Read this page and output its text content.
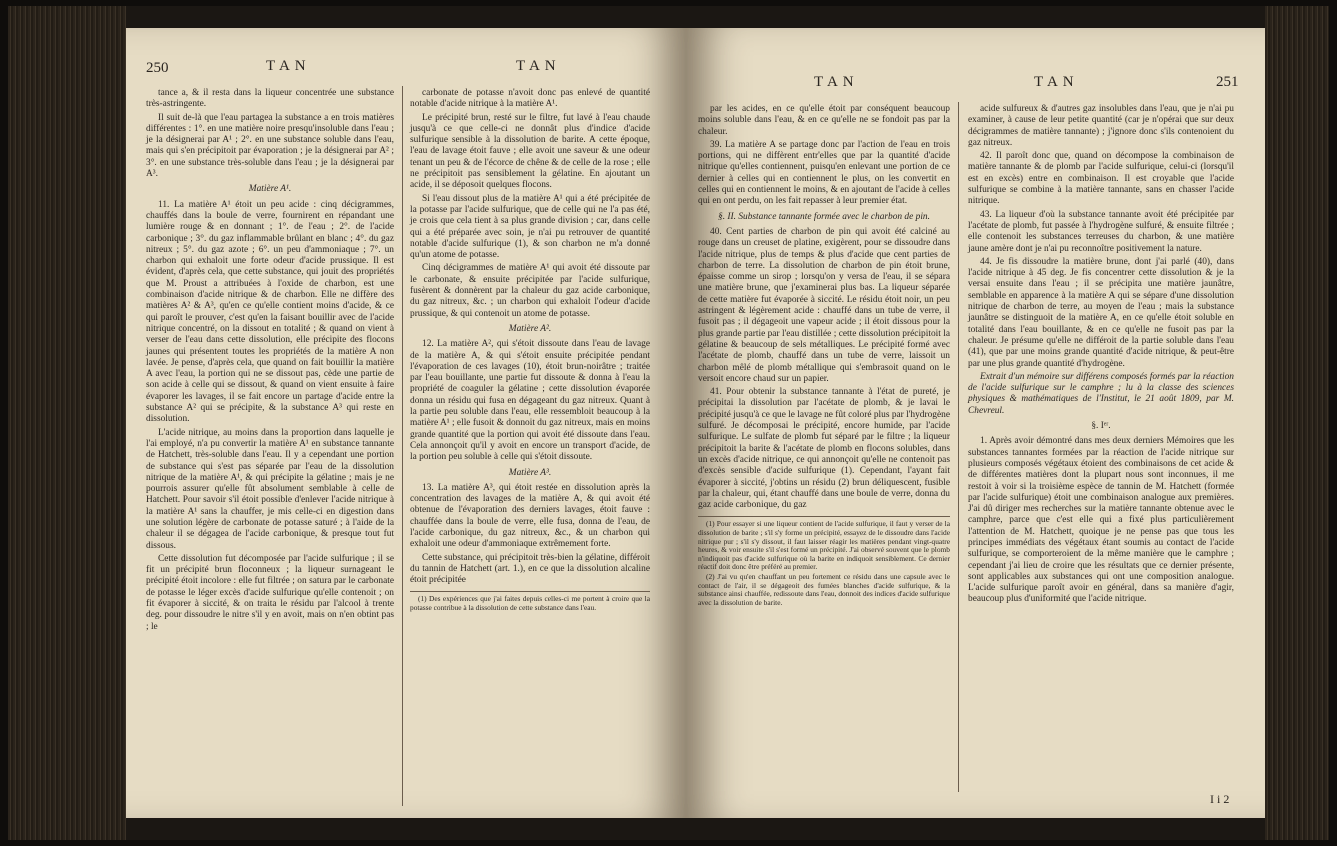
250	TAN	TAN

tance a, & il resta dans la liqueur concentrée une substance très-astringente.

Il suit de-là que l'eau partagea la substance a en trois matières différentes : 1°. en une matière noire presqu'insoluble dans l'eau ; je la désignerai par A¹ ; 2°. en une substance soluble dans l'eau, mais qui s'en précipitoit par évaporation ; je la désignerai par A² ; 3°. en une substance très-soluble dans l'eau ; je la désignerai par A³.

Matière A¹.

11. La matière A¹ étoit un peu acide : cinq décigrammes, chauffés dans la boule de verre, fournirent en répandant une lumière rouge & en donnant ; 1°. de l'eau ; 2°. de l'acide carbonique ; 3°. du gaz inflammable brûlant en blanc ; 4°. du gaz nitreux ; 5°. du gaz azote ; 6°. un peu d'ammoniaque ; 7°. un charbon qui exhaloit une forte odeur d'acide prussique. Il est évident, d'après cela, que cette substance, qui jouit des propriétés que M. Proust a attribuées à l'oxide de charbon, est une combinaison d'acide nitrique & de charbon. Elle ne diffère des matières A² & A³, qu'en ce qu'elle contient moins d'acide, & ce qui paroît le prouver, c'est qu'en la faisant bouillir avec de l'acide nitrique concentré, on la dissout en totalité ; & quand on vient à verser de l'eau dans cette dissolution, elle précipite des flocons jaunes qui présentent toutes les propriétés de la matière A non lavée. Je pense, d'après cela, que quand on fait bouillir la matière A avec l'eau, la portion qui ne se dissout pas, cède une partie de son acide à celle qui se dissout, & quand on vient ensuite à faire évaporer les lavages, il se fait encore un partage d'acide entre la substance A² qui se précipite, & la substance A³ qui reste en dissolution.

L'acide nitrique, au moins dans la proportion dans laquelle je l'ai employé, n'a pu convertir la matière A¹ en substance tannante de Hatchett, très-soluble dans l'eau. Il y a cependant une portion de substance qui s'est pas séparée par l'eau de la dissolution nitrique de la matière A¹, & qui précipite la gélatine ; mais je ne pourrois assurer qu'elle fût absolument semblable à celle de Hatchett. Pour savoir s'il étoit possible d'enlever l'acide nitrique à la matière A¹ sans la chauffer, je mis celle-ci en digestion dans une solution légère de carbonate de potasse saturé ; à l'aide de la chaleur il se dégagea de l'acide carbonique, & presque tout fut dissous.

Cette dissolution fut décomposée par l'acide sulfurique ; il se fit un précipité brun floconneux ; la liqueur surnageant le précipité étoit incolore : elle fut filtrée ; on satura par le carbonate de potasse le léger excès d'acide sulfurique qu'elle contenoit ; on fit évaporer à siccité, & on traita le résidu par l'alcool à trente deg. pour dissoudre le nitre s'il y en avoit, mais on n'en obtint pas ; le

carbonate de potasse n'avoit donc pas enlevé de quantité notable d'acide nitrique à la matière A¹.

Le précipité brun, resté sur le filtre, fut lavé à l'eau chaude jusqu'à ce que celle-ci ne donnât plus d'indice d'acide sulfurique sensible à la dissolution de barite. A cette époque, l'eau de lavage étoit fauve ; elle avoit une saveur & une odeur tenant un peu & de l'écorce de chêne & de celle de la rose ; elle ne précipitoit pas sensiblement la gélatine. En ajoutant un acide, il se déposoit quelques flocons.

Si l'eau dissout plus de la matière A¹ qui a été précipitée de la potasse par l'acide sulfurique, que de celle qui ne l'a pas été, je crois que cela tient à sa plus grande division ; car, dans celle qui a été préparée avec soin, je n'ai pu retrouver de quantité notable d'acide sulfurique (1), & son charbon ne m'a donné qu'un atome de potasse.

Cinq décigrammes de matière A¹ qui avoit été dissoute par le carbonate, & ensuite précipitée par l'acide sulfurique, fusèrent & donnèrent par la chaleur du gaz acide carbonique, du gaz nitreux, &c. ; un charbon qui exhaloit l'odeur d'acide prussique, & qui contenoit un atome de potasse.

Matière A².

12. La matière A², qui s'étoit dissoute dans l'eau de lavage de la matière A, & qui s'étoit ensuite précipitée pendant l'évaporation de ces lavages (10), étoit brun-noirâtre ; traitée par l'eau bouillante, une partie fut dissoute & donna à l'eau la propriété de coaguler la gélatine ; cette dissolution évaporée donna un résidu qui fusa en dégageant du gaz nitreux. Quant à la partie peu soluble dans l'eau, elle ressembloit beaucoup à la matière A¹ ; elle fusoit & donnoit du gaz nitreux, mais en moins grande quantité que la portion qui avoit été dissoute dans l'eau. Cela annonçoit qu'il y avoit en encore un transport d'acide, de la portion peu soluble à celle qui s'étoit dissoute.

Matière A³.

13. La matière A³, qui étoit restée en dissolution après la concentration des lavages de la matière A, & qui avoit été obtenue de l'évaporation des derniers lavages, étoit fauve : chauffée dans la boule de verre, elle fusa, donna de l'eau, de l'acide carbonique, du gaz nitreux, &c., & un charbon qui exhaloit une odeur d'ammoniaque extrêmement forte.

Cette substance, qui précipitoit très-bien la gélatine, différoit du tannin de Hatchett (art. 1.), en ce que la dissolution alcaline étoit précipitée

(1) Des expériences que j'ai faites depuis celles-ci me portent à croire que la potasse contribue à la dissolution de cette substance dans l'eau.

TAN	TAN	251

par les acides, en ce qu'elle étoit par conséquent beaucoup moins soluble dans l'eau, & en ce qu'elle ne se fondoit pas par la chaleur.

39. La matière A se partage donc par l'action de l'eau en trois portions, qui ne diffèrent entr'elles que par la quantité d'acide nitrique qu'elles contiennent, puisqu'en enlevant une portion de ce dernier à celles qui en contiennent le plus, on les convertit en celles qui en contiennent le moins, & en ajoutant de l'acide à celles qui en ont perdu, on les fait repasser à leur premier état.

§. II. Substance tannante formée avec le charbon de pin.

40. Cent parties de charbon de pin qui avoit été calciné au rouge dans un creuset de platine, exigèrent, pour se dissoudre dans l'acide nitrique, plus de temps & plus d'acide que cent parties de charbon de terre. La dissolution de charbon de pin étoit brune, épaisse comme un sirop ; lorsqu'on y versa de l'eau, il se sépara une matière brune, que j'examinerai plus bas. La liqueur séparée de cette matière fut évaporée à siccité. Le résidu étoit noir, un peu astringent & légèrement acide : chauffé dans un tube de verre, il fusoit pas ; il dégageoit une vapeur acide ; il étoit dissous pour la plus grande partie par l'eau distillée ; cette dissolution précipitoit la gélatine & beaucoup de sels métalliques. Le précipité formé avec l'acétate de plomb, chauffé dans un tube de verre, laissoit un charbon mêlé de plomb métallique qui s'embrasoit quand on le versoit encore chaud sur un papier.

41. Pour obtenir la substance tannante à l'état de pureté, je précipitai la dissolution par l'acétate de plomb, & je lavai le précipité jusqu'à ce que le lavage ne fût coloré plus par l'hydrogène sulfuré. Je décomposai le précipité, encore humide, par l'acide sulfurique. Le sulfate de plomb fut séparé par le filtre ; la liqueur précipitoit la barite & l'acétate de plomb en flocons solubles, dans un excès d'acide nitrique, ce qui annonçoit qu'elle ne contenoit pas d'excès sensible d'acide sulfurique (1). Cependant, l'ayant fait évaporer à siccité, j'obtins un résidu (2) brun déliquescent, fusible par la chaleur, qui, étant chauffé dans une boule de verre, donna du gaz acide carbonique, du gaz

(1) Pour essayer si une liqueur contient de l'acide sulfurique, il faut y verser de la dissolution de barite ; s'il s'y forme un précipité, essayez de le dissoudre dans l'acide nitrique pur ; s'il s'y dissout, il faut laisser réagir les matières pendant vingt-quatre heures, & voir ensuite s'il s'est formé un précipité. J'ai observé souvent que le plomb n'indiquoit pas d'acide sulfurique où la barite en indiquoit sensiblement. Ce dernier réactif doit donc être préféré au premier.

(2) J'ai vu qu'en chauffant un peu fortement ce résidu dans une capsule avec le contact de l'air, il se dégageoit des fumées blanches d'acide sulfurique, & la substance ainsi chauffée, redissoute dans l'eau, donnoit des indices d'acide sulfurique avec la dissolution de barite.

acide sulfureux & d'autres gaz insolubles dans l'eau, que je n'ai pu examiner, à cause de leur petite quantité (car je n'opérai que sur deux décigrammes de matière tannante) ; j'ignore donc s'ils contenoient du gaz nitreux.

42. Il paroît donc que, quand on décompose la combinaison de matière tannante & de plomb par l'acide sulfurique, celui-ci (lorsqu'il est en excès) entre en combinaison. Il est croyable que l'acide sulfurique se combine à la matière tannante, sans en chasser l'acide nitrique.

43. La liqueur d'où la substance tannante avoit été précipitée par l'acétate de plomb, fut passée à l'hydrogène sulfuré, & ensuite filtrée ; elle contenoit les substances terreuses du charbon, & une matière jaune amère dont je n'ai pu reconnoître positivement la nature.

44. Je fis dissoudre la matière brune, dont j'ai parlé (40), dans l'acide nitrique à 45 deg. Je fis concentrer cette dissolution & je la versai ensuite dans l'eau ; il se précipita une matière jaunâtre, semblable en apparence à la matière A qui se sépare d'une dissolution nitrique de charbon de terre, au moyen de l'eau ; mais la substance jaunâtre se distinguoit de la matière A, en ce qu'elle étoit soluble en totalité dans l'eau bouillante, & en ce qu'elle ne fusoit pas par la chaleur. Je présume qu'elle ne différoit de la partie soluble dans l'eau (41), que par une moins grande quantité d'acide nitrique, & peut-être par une plus grande quantité d'hydrogène.

Extrait d'un mémoire sur différens composés formés par la réaction de l'acide sulfurique sur le camphre ; lu à la classe des sciences physiques & mathématiques de l'Institut, le 21 août 1809, par M. Chevreul.

§. Iᵉʳ.

1. Après avoir démontré dans mes deux derniers Mémoires que les substances tannantes formées par la réaction de l'acide nitrique sur plusieurs composés végétaux étoient des combinaisons de cet acide & de différentes matières dont la plupart nous sont inconnues, il me restoit à voir si la troisième espèce de tannin de M. Hatchett (formée par l'acide sulfurique) étoit une combinaison analogue aux premières. J'ai dû diriger mes recherches sur la matière tannante obtenue avec le camphre, parce que c'est elle qui a fixé plus particulièrement l'attention de M. Hatchett, quoique je ne pense pas que tous les principes immédiats des végétaux étant soumis au contact de l'acide sulfurique, se comporteroient de la même manière que le camphre ; cependant j'ai lieu de croire que les résultats que ce dernier présente, sont applicables aux substances qui ont une composition analogue. L'acide sulfurique paroît avoir en général, dans sa manière d'agir, beaucoup plus d'uniformité que l'acide nitrique.

I i 2
